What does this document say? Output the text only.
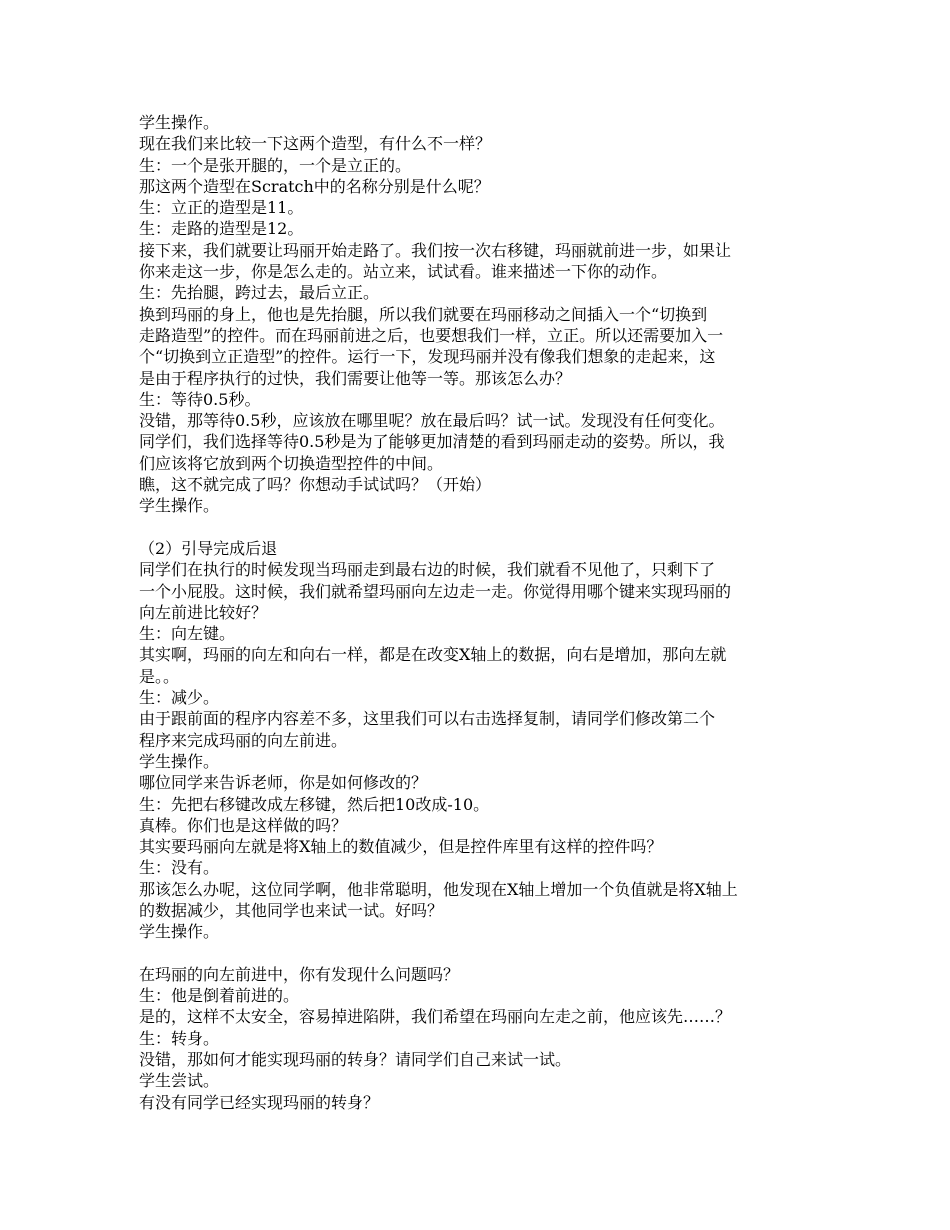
学生操作。
现在我们来比较一下这两个造型，有什么不一样？
生：一个是张开腿的，一个是立正的。
那这两个造型在Scratch中的名称分别是什么呢？
生：立正的造型是11。
生：走路的造型是12。
接下来，我们就要让玛丽开始走路了。我们按一次右移键，玛丽就前进一步，如果让
你来走这一步，你是怎么走的。站立来，试试看。谁来描述一下你的动作。
生：先抬腿，跨过去，最后立正。
换到玛丽的身上，他也是先抬腿，所以我们就要在玛丽移动之间插入一个“切换到
走路造型”的控件。而在玛丽前进之后，也要想我们一样，立正。所以还需要加入一
个“切换到立正造型”的控件。运行一下，发现玛丽并没有像我们想象的走起来，这
是由于程序执行的过快，我们需要让他等一等。那该怎么办？
生：等待0.5秒。
没错，那等待0.5秒，应该放在哪里呢？放在最后吗？试一试。发现没有任何变化。
同学们，我们选择等待0.5秒是为了能够更加清楚的看到玛丽走动的姿势。所以，我
们应该将它放到两个切换造型控件的中间。
瞧，这不就完成了吗？你想动手试试吗？（开始）
学生操作。
（2）引导完成后退
同学们在执行的时候发现当玛丽走到最右边的时候，我们就看不见他了，只剩下了
一个小屁股。这时候，我们就希望玛丽向左边走一走。你觉得用哪个键来实现玛丽的
向左前进比较好？
生：向左键。
其实啊，玛丽的向左和向右一样，都是在改变X轴上的数据，向右是增加，那向左就
是。。
生：减少。
由于跟前面的程序内容差不多，这里我们可以右击选择复制，请同学们修改第二个
程序来完成玛丽的向左前进。
学生操作。
哪位同学来告诉老师，你是如何修改的？
生：先把右移键改成左移键，然后把10改成-10。
真棒。你们也是这样做的吗？
其实要玛丽向左就是将X轴上的数值减少，但是控件库里有这样的控件吗？
生：没有。
那该怎么办呢，这位同学啊，他非常聪明，他发现在X轴上增加一个负值就是将X轴上
的数据减少，其他同学也来试一试。好吗？
学生操作。
在玛丽的向左前进中，你有发现什么问题吗？
生：他是倒着前进的。
是的，这样不太安全，容易掉进陷阱，我们希望在玛丽向左走之前，他应该先……？
生：转身。
没错，那如何才能实现玛丽的转身？请同学们自己来试一试。
学生尝试。
有没有同学已经实现玛丽的转身？
